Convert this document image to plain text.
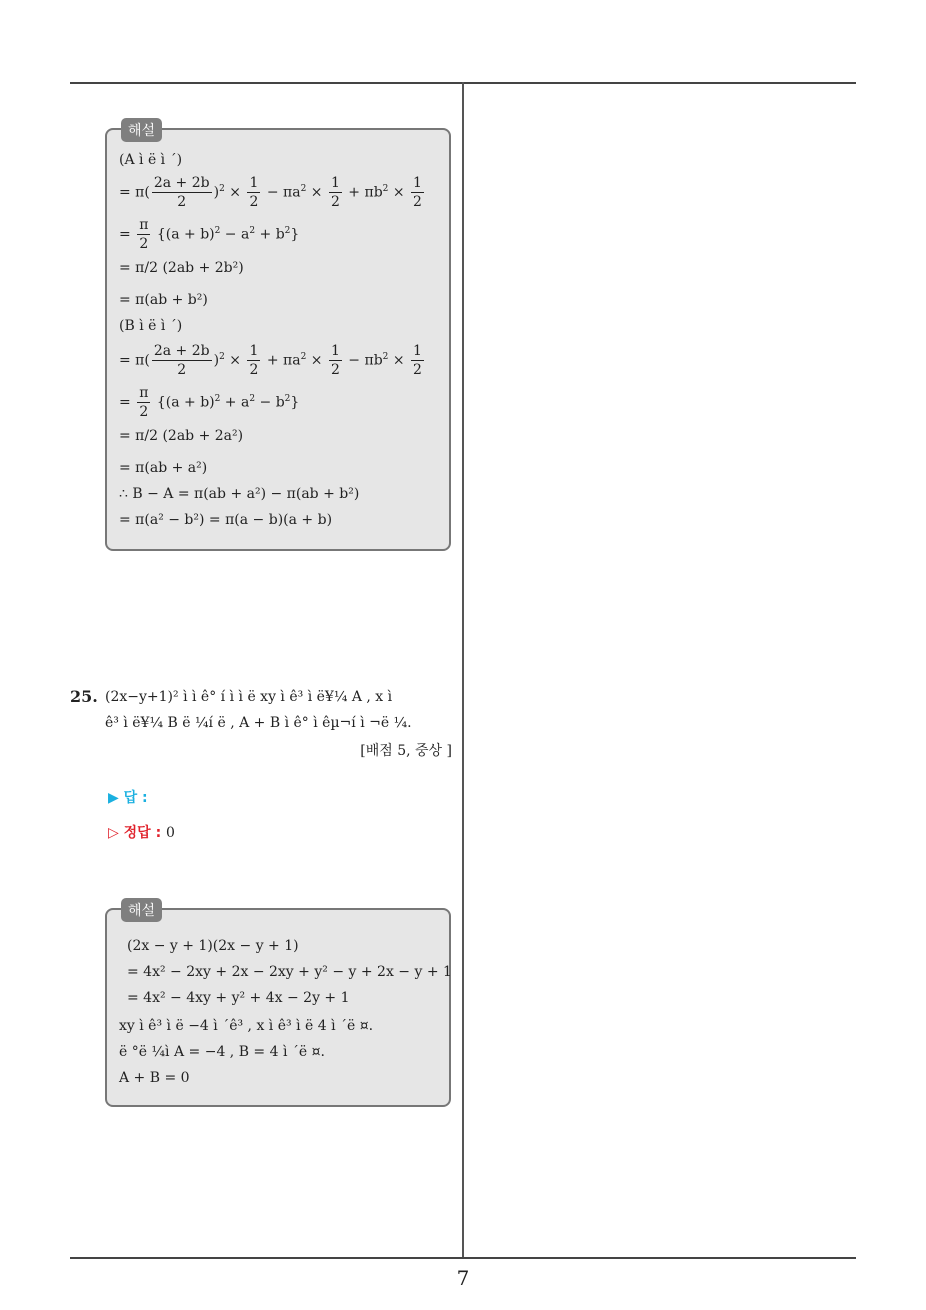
7
해설
(A ì ë ì ´)
= $\pi( \frac{2a + 2b}{2} )^2 \times \frac{1}{2} - \pi a^2 \times \frac{1}{2} + \pi b^2 \times \frac{1}{2}$
= $\frac{\pi}{2} \{(a + b)^2 - a^2 + b^2\}$
= π/2 (2ab + 2b²)
= π(ab + b²)
(B ì ë ì ´)
= $\pi( \frac{2a + 2b}{2} )^2 \times \frac{1}{2} + \pi a^2 \times \frac{1}{2} - \pi b^2 \times \frac{1}{2}$
= $\frac{\pi}{2} \{(a + b)^2 + a^2 - b^2\}$
= π/2 (2ab + 2a²)
= π(ab + a²)
∴ B − A = π(ab + a²) − π(ab + b²)
= π(a² − b²) = π(a − b)(a + b)
25. (2x−y+1)² ì ì ê° í ì ì ë xy ì ê³ ì ë¥¼ A , x ì
ê³ ì ë¥¼ B ë ¼í ë , A + B ì ê° ì êµ¬í ì ¬ë ¼.
[배점 5, 중상 ]
▶ 답 :
▷ 정답 : 0
해설
(2x − y + 1)(2x − y + 1)
= 4x² − 2xy + 2x − 2xy + y² − y + 2x − y + 1
= 4x² − 4xy + y² + 4x − 2y + 1
xy ì ê³ ì ë −4 ì ´ê³ , x ì ê³ ì ë 4 ì ´ë ¤.
ë °ë ¼ì A = −4 , B = 4 ì ´ë ¤.
A + B = 0
